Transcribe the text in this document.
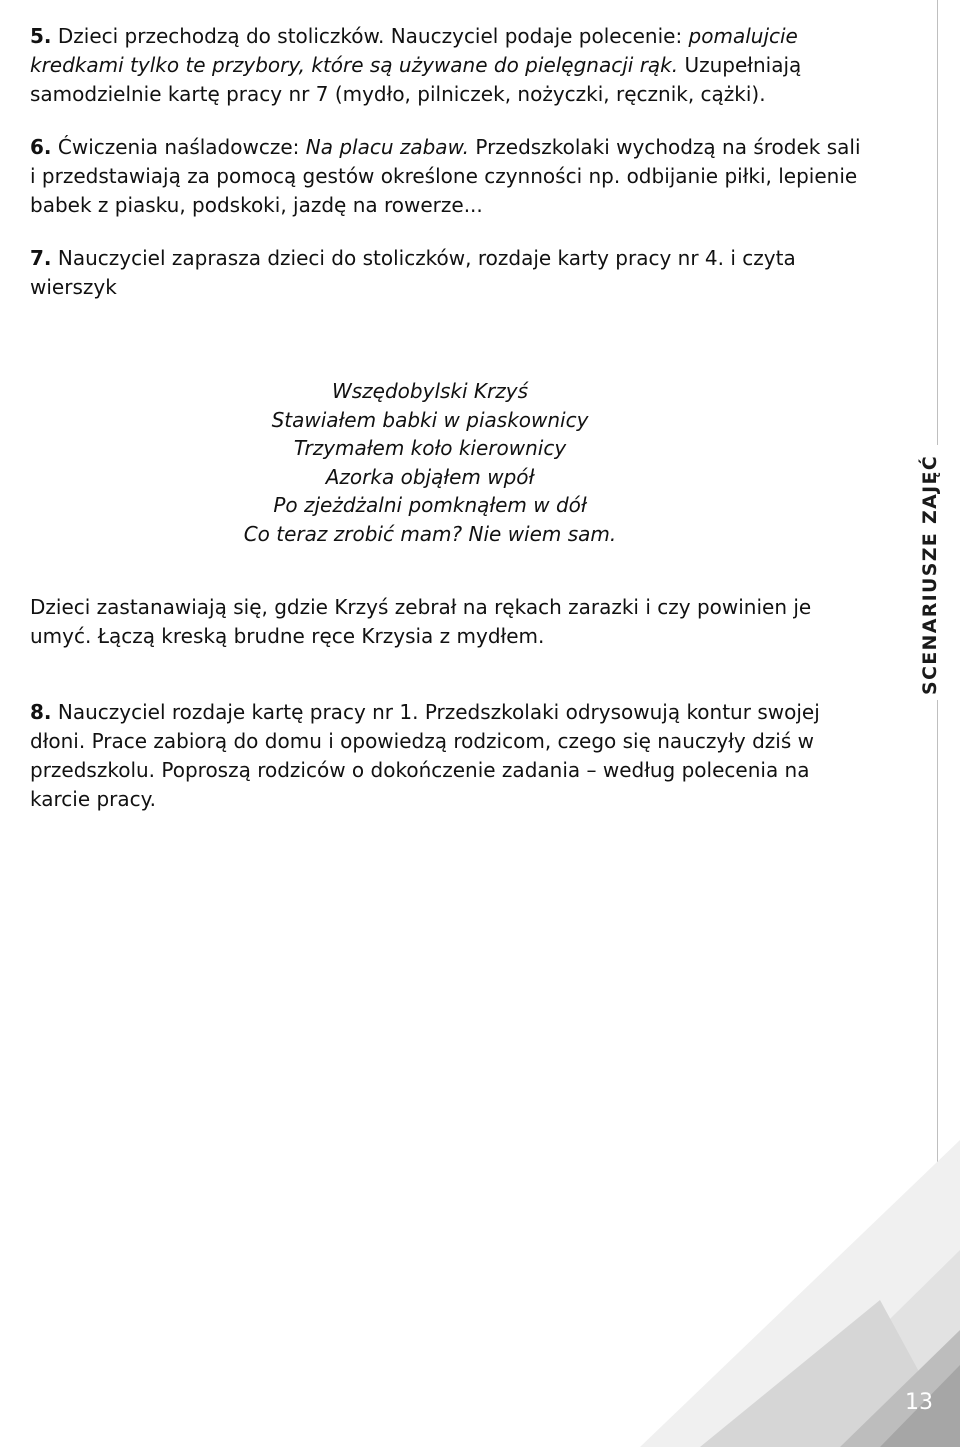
5. Dzieci przechodzą do stoliczków. Nauczyciel podaje polecenie: pomalujcie kredkami tylko te przybory, które są używane do pielęgnacji rąk. Uzupełniają samodzielnie kartę pracy nr 7 (mydło, pilniczek, nożyczki, ręcznik, cążki).

6. Ćwiczenia naśladowcze: Na placu zabaw. Przedszkolaki wychodzą na środek sali i przedstawiają za pomocą gestów określone czynności np. odbijanie piłki, lepienie babek z piasku, podskoki, jazdę na rowerze...

7. Nauczyciel zaprasza dzieci do stoliczków, rozdaje karty pracy nr 4. i czyta wierszyk

Wszędobylski Krzyś
Stawiałem babki w piaskownicy
Trzymałem koło kierownicy
Azorka objąłem wpół
Po zjeżdżalni pomknąłem w dół
Co teraz zrobić mam? Nie wiem sam.

Dzieci zastanawiają się, gdzie Krzyś zebrał na rękach zarazki i czy powinien je umyć. Łączą kreską brudne ręce Krzysia z mydłem.

8. Nauczyciel rozdaje kartę pracy nr 1. Przedszkolaki odrysowują kontur swojej dłoni. Prace zabiorą do domu i opowiedzą rodzicom, czego się nauczyły dziś w przedszkolu. Poproszą rodziców o dokończenie zadania – według polecenia na karcie pracy.

SCENARIUSZE ZAJĘĆ
13
